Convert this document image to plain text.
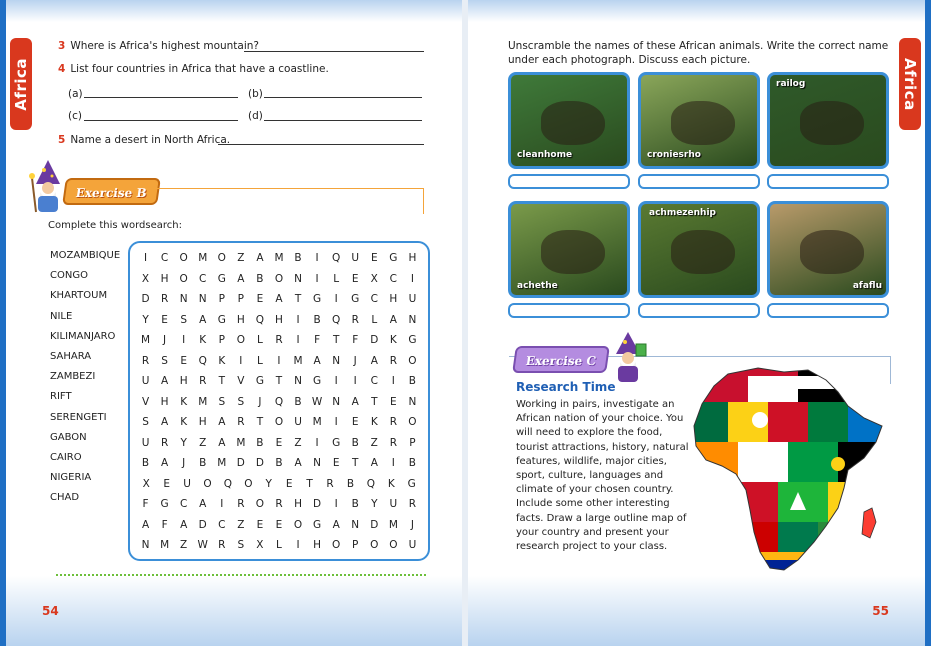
Africa
3 Where is Africa's highest mountain?
4 List four countries in Africa that have a coastline.
(a)	(b)
(c)	(d)
5 Name a desert in North Africa.
Exercise B
Complete this wordsearch:
MOZAMBIQUE
CONGO
KHARTOUM
NILE
KILIMANJARO
SAHARA
ZAMBEZI
RIFT
SERENGETI
GABON
CAIRO
NIGERIA
CHAD
I	C	O M O	Z	A	M	B	I	Q	U	E	G	H
X	H	O	C	G	A	B	O	N	I	L	E	X	C	I
D	R	N	N	P	P	E	A	T	G	I	G	C	H	U
Y	E	S	A	G	H	Q	H	I	B	Q	R	L	A	N
M	J	I	K	P	O	L	R	I	F	T	F	D	K	G
R	S	E	Q	K	I	L	I	M	A	N	J	A	R	O
U	A	H	R	T	V	G	T	N	G	I	I	C	I	B
V	H	K	M	S	S	J	Q	B W N	A	T	E	N
S	A	K	H	A	R	T	O	U	M	I	E	K	R	O
U	R	Y	Z	A	M	B	E	Z	I	G	B	Z	R	P
B	A	J	B	M D	D	B	A	N	E	T	A	I	B
X	E	U	O	Q	O	Y	E	T	R	B	Q	K	G
F	G	C	A	I	R	O	R	H	D	I	B	Y	U	R
A	F	A	D	C	Z	E	E	O	G	A	N	D M	J
N	M	Z W R	S	X	L	I	H	O	P	O	O	U
54
Africa
Unscramble the names of these African animals. Write the correct name under each photograph. Discuss each picture.
cleanhome	croniesrho
railog
achethe
achmezenhip
afaflu
Exercise C
Research Time
Working in pairs, investigate an African nation of your choice. You will need to explore the food, tourist attractions, history, natural features, wildlife, major cities, sport, culture, languages and climate of your chosen country. Include some other interesting facts. Draw a large outline map of your country and present your research project to your class.
55
